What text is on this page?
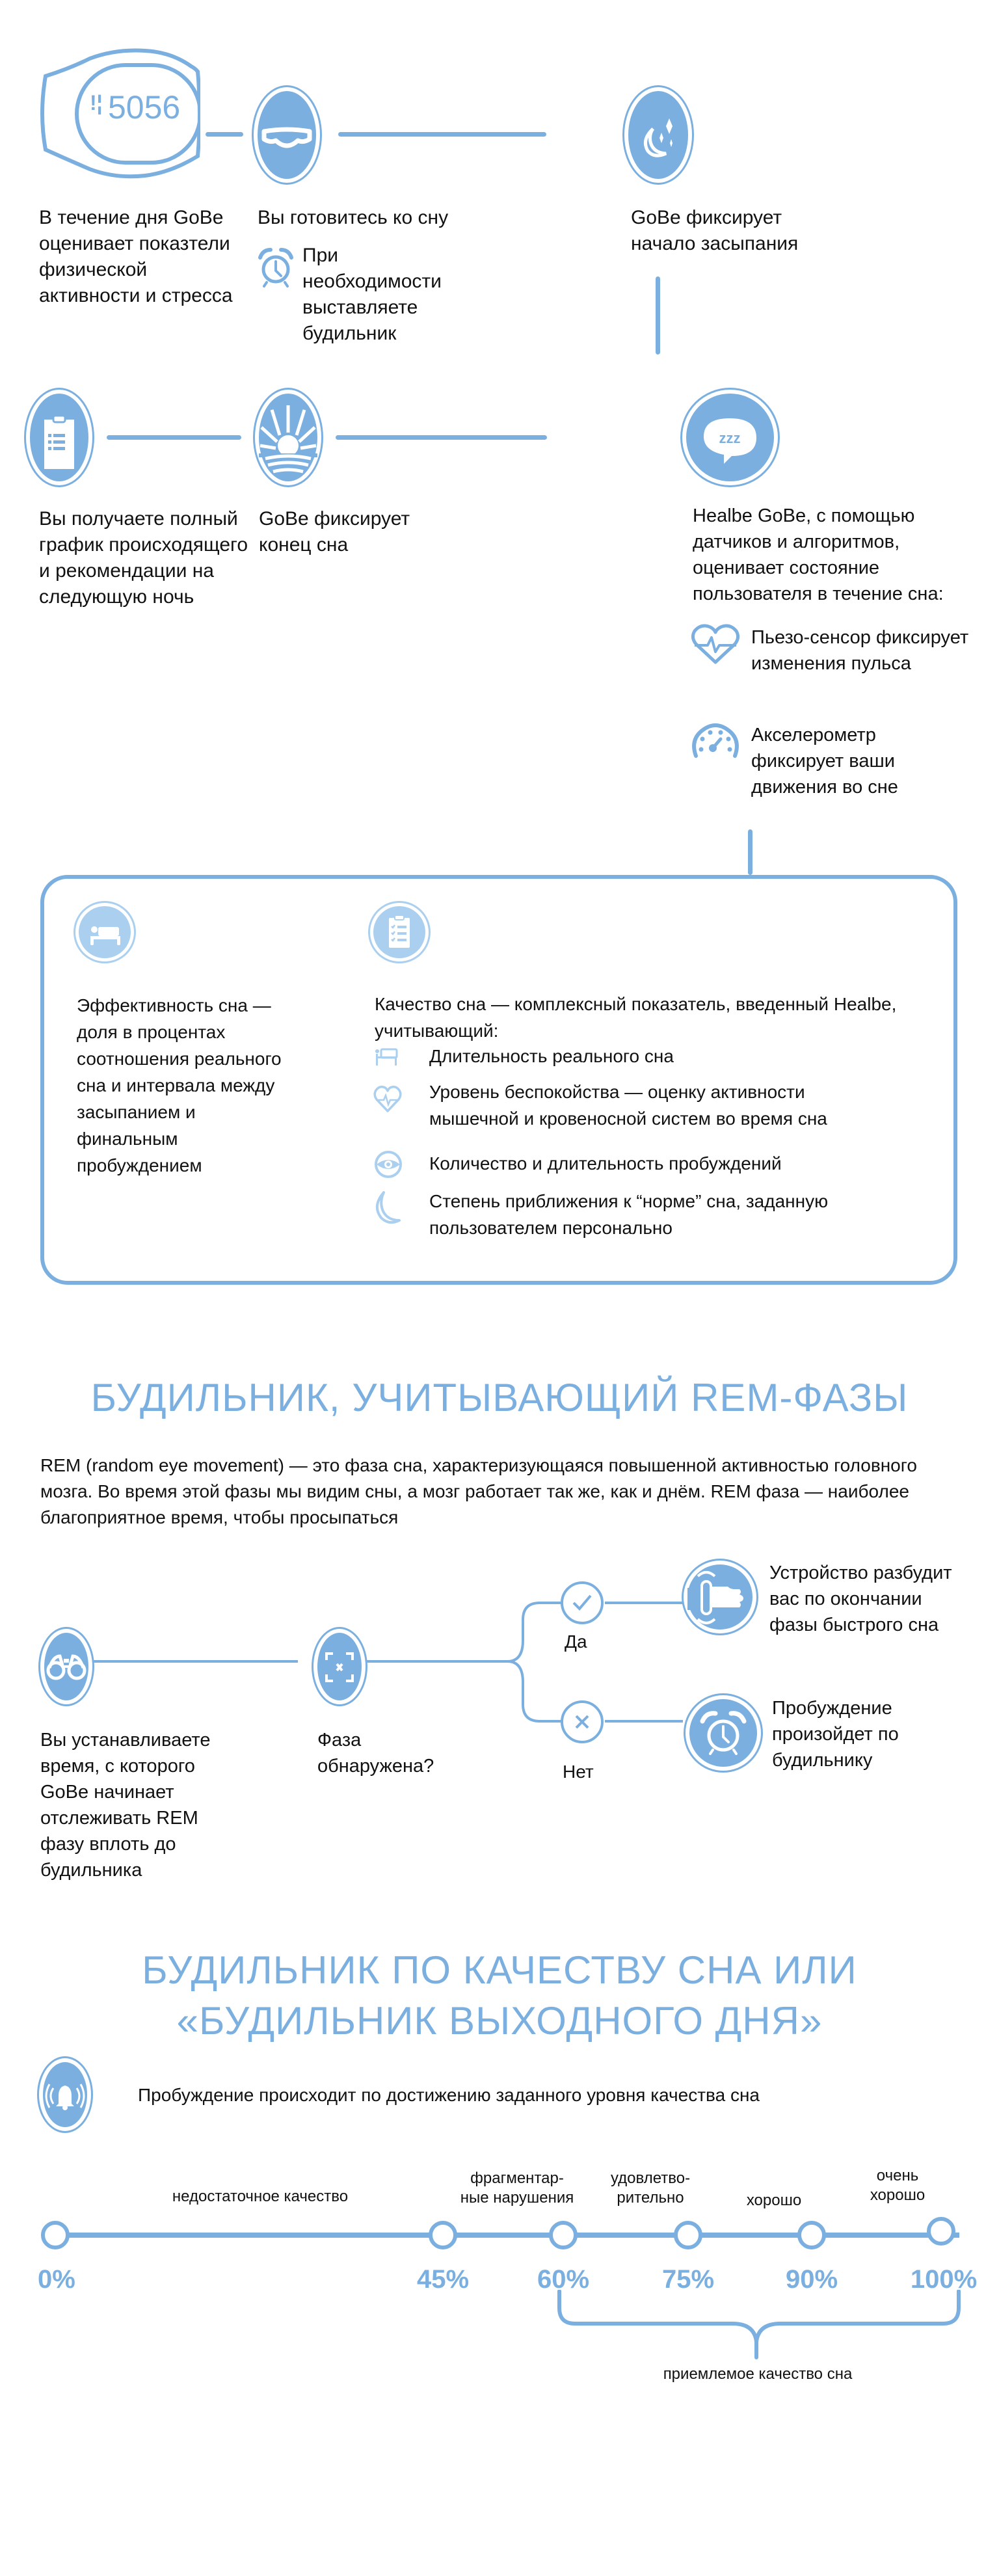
!¦ 5056
В течение дня GoBe оценивает показтели физической активности и стресса
Вы готовитесь ко сну
При необходимости выставляете будильник
GoBe фиксирует начало засыпания
zzz
Вы получаете полный график происходящего и рекомендации на следующую ночь
GoBe фиксирует конец сна
Healbe GoBe, с помощью датчиков и алгоритмов, оценивает состояние пользователя в течение сна:
Пьезо-сенсор фиксирует изменения пульса
Акселерометр фиксирует ваши движения во сне
Эффективность сна — доля в процентах соотношения реального сна и интервала между засыпанием и финальным пробуждением
Качество сна — комплексный показатель, введенный Healbe, учитывающий:
Длительность реального сна
Уровень беспокойства — оценку активности мышечной и кровеносной систем во время сна
Количество и длительность пробуждений
Степень приближения к “норме” сна, заданную пользователем персонально
БУДИЛЬНИК, УЧИТЫВАЮЩИЙ REM-ФАЗЫ
REM (random eye movement) — это фаза сна, характеризующаяся повышенной активностью головного мозга. Во время этой фазы мы видим сны, а мозг работает так же, как и днём. REM фаза — наиболее благоприятное время, чтобы просыпаться
Да
Нет
Устройство разбудит вас по окончании фазы быстрого сна
Пробуждение произойдет по будильнику
Вы устанавливаете время, с которого GoBe начинает отслеживать REM фазу вплоть до будильника
Фаза обнаружена?
БУДИЛЬНИК ПО КАЧЕСТВУ СНА ИЛИ
«БУДИЛЬНИК ВЫХОДНОГО ДНЯ»
Пробуждение происходит по достижению заданного уровня качества сна
0%	45%	60%	75%	90%	100%
недостаточное качество
фрагментар-
ные нарушения
удовлетво-
рительно	хорошо
очень
хорошо
приемлемое качество сна
